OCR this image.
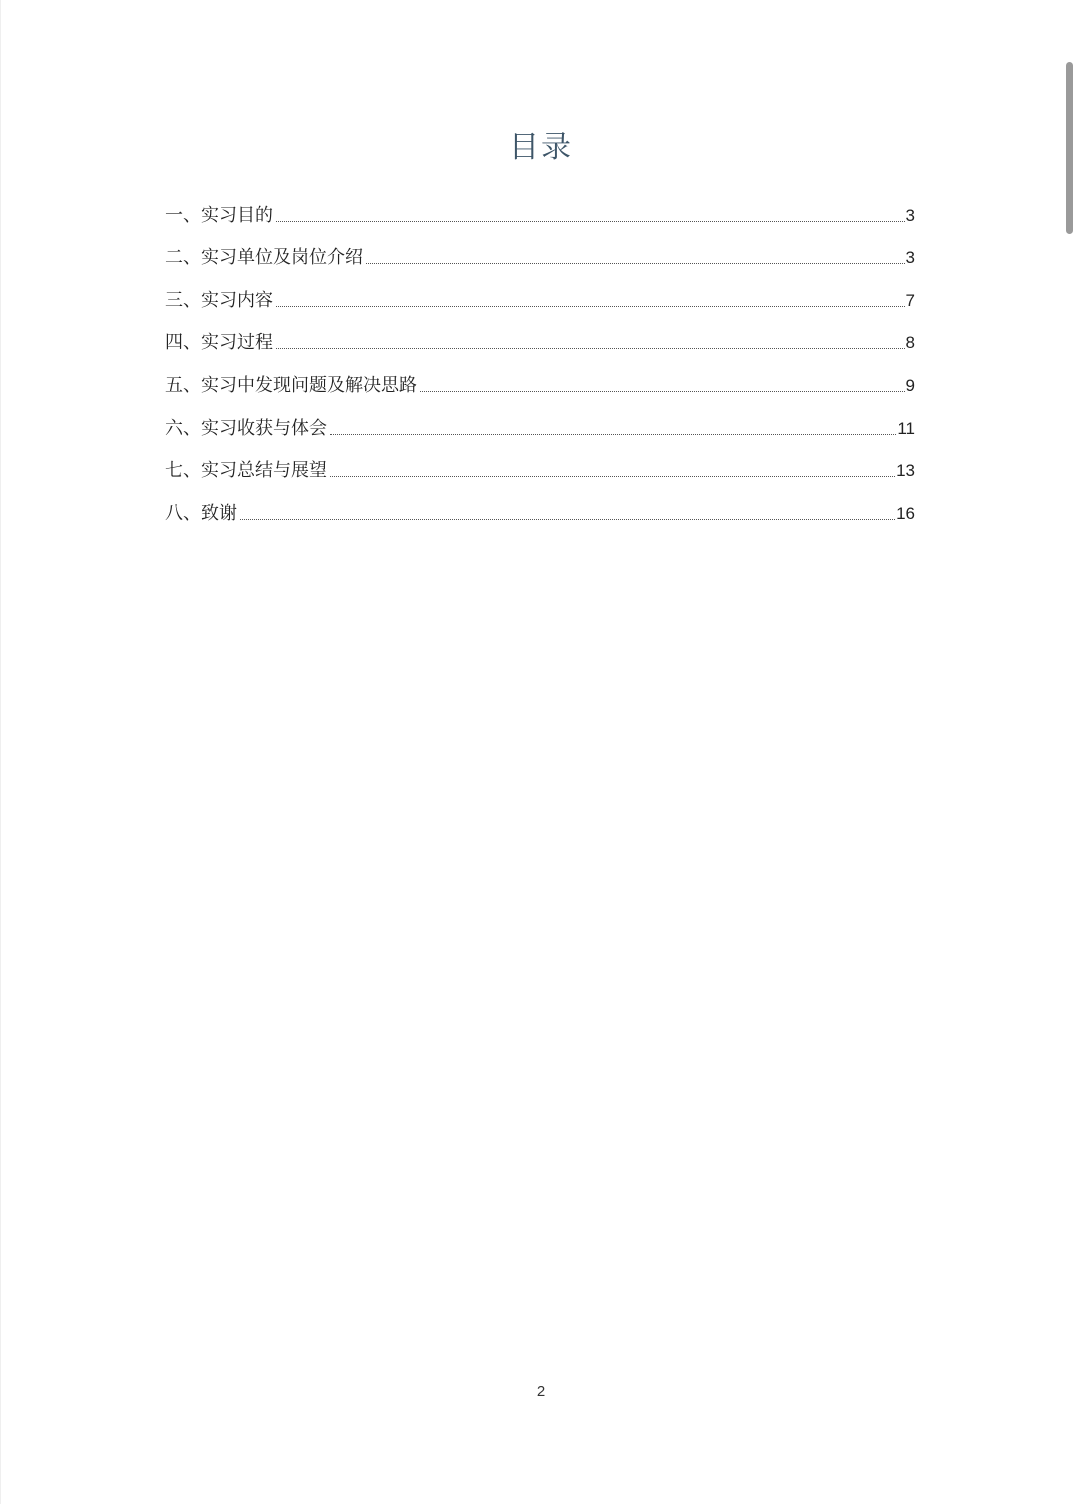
目录
一、实习目的	3
二、实习单位及岗位介绍	3
三、实习内容	7
四、实习过程	8
五、实习中发现问题及解决思路	9
六、实习收获与体会	11
七、实习总结与展望	13
八、致谢	16
2
